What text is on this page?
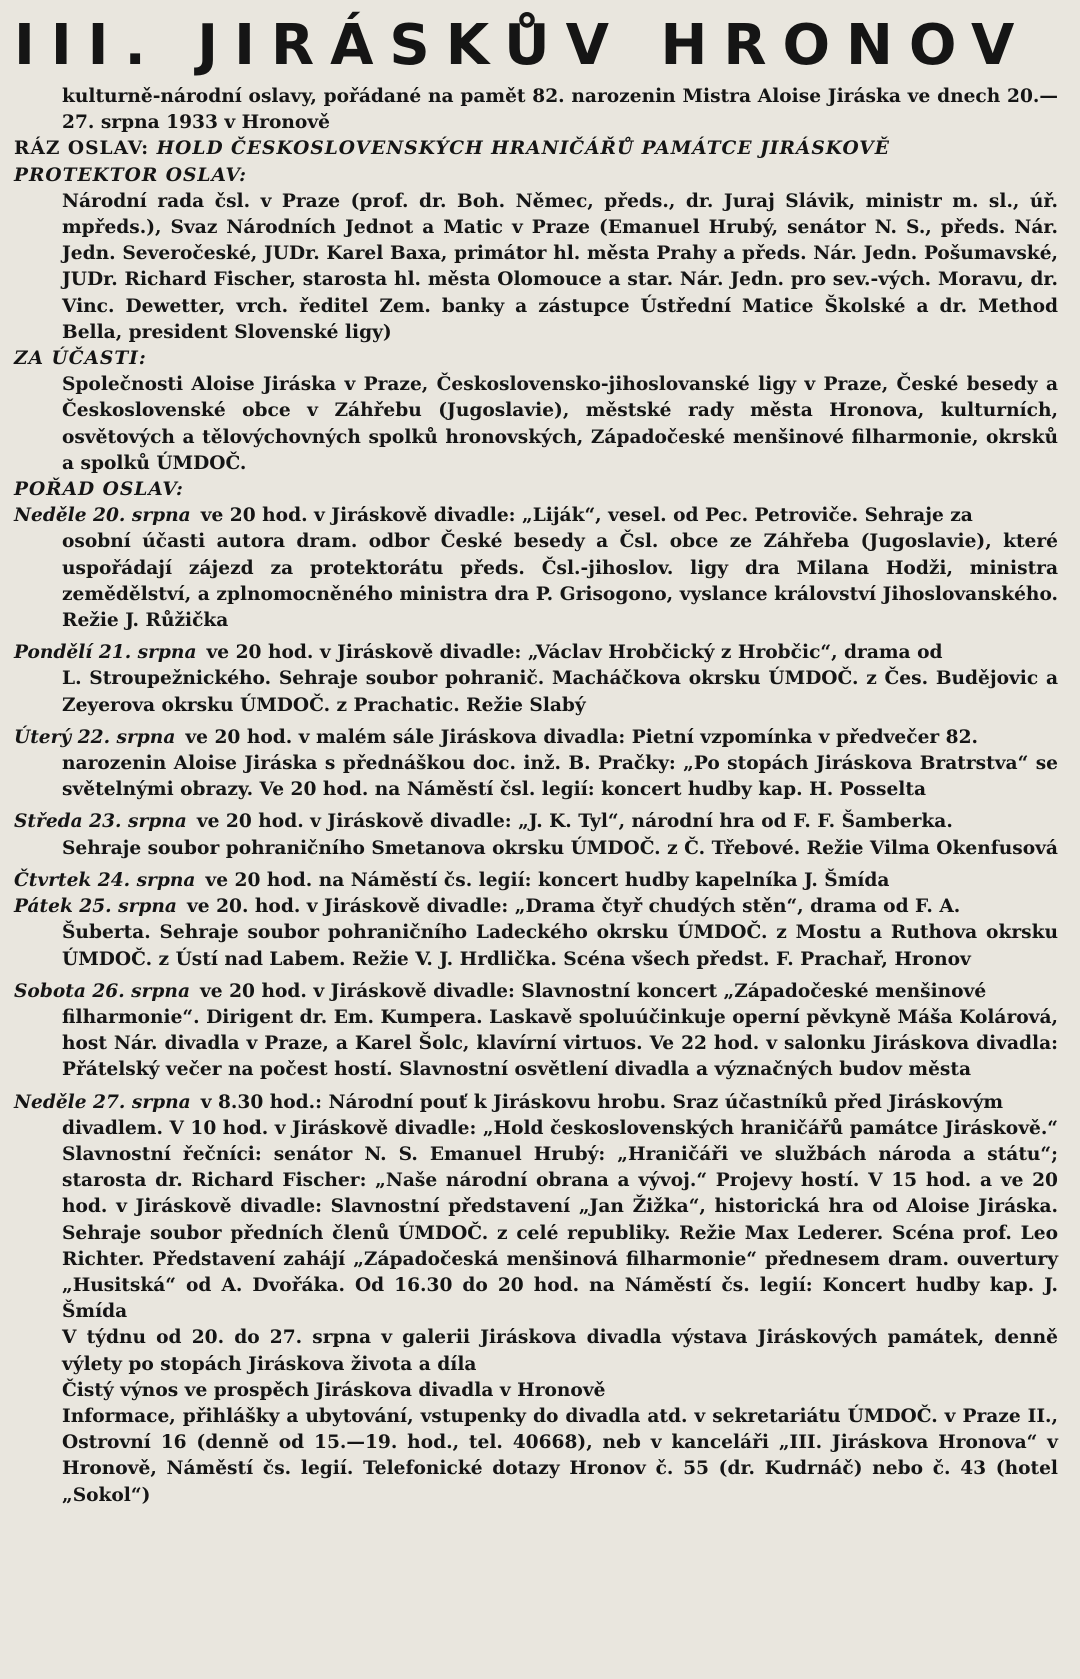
III. JIRÁSKŮV HRONOV
kulturně-národní oslavy, pořádané na pamět 82. narozenin Mistra Aloise Jiráska ve dnech 20.—27. srpna 1933 v Hronově
RÁZ OSLAV: HOLD ČESKOSLOVENSKÝCH HRANIČÁŘŮ PAMÁTCE JIRÁSKOVĚ
PROTEKTOR OSLAV:
Národní rada čsl. v Praze (prof. dr. Boh. Němec, předs., dr. Juraj Slávik, ministr m. sl., úř. mpředs.), Svaz Národních Jednot a Matic v Praze (Emanuel Hrubý, senátor N. S., předs. Nár. Jedn. Severočeské, JUDr. Karel Baxa, primátor hl. města Prahy a předs. Nár. Jedn. Pošumavské, JUDr. Richard Fischer, starosta hl. města Olomouce a star. Nár. Jedn. pro sev.-vých. Moravu, dr. Vinc. Dewetter, vrch. ředitel Zem. banky a zástupce Ústřední Matice Školské a dr. Method Bella, president Slovenské ligy)
ZA ÚČASTI:
Společnosti Aloise Jiráska v Praze, Československo-jihoslovanské ligy v Praze, České besedy a Československé obce v Záhřebu (Jugoslavie), městské rady města Hronova, kulturních, osvětových a tělovýchovných spolků hronovských, Západočeské menšinové filharmonie, okrsků a spolků ÚMDOČ.
POŘAD OSLAV:
Neděle 20. srpna ve 20 hod. v Jiráskově divadle: „Liják“, vesel. od Pec. Petroviče. Sehraje za
osobní účasti autora dram. odbor České besedy a Čsl. obce ze Záhřeba (Jugoslavie), které uspořádají zájezd za protektorátu předs. Čsl.-jihoslov. ligy dra Milana Hodži, ministra zemědělství, a zplnomocněného ministra dra P. Grisogono, vyslance království Jihoslovanského. Režie J. Růžička
Pondělí 21. srpna ve 20 hod. v Jiráskově divadle: „Václav Hrobčický z Hrobčic“, drama od
L. Stroupežnického. Sehraje soubor pohranič. Macháčkova okrsku ÚMDOČ. z Čes. Budějovic a Zeyerova okrsku ÚMDOČ. z Prachatic. Režie Slabý
Úterý 22. srpna ve 20 hod. v malém sále Jiráskova divadla: Pietní vzpomínka v předvečer 82.
narozenin Aloise Jiráska s přednáškou doc. inž. B. Pračky: „Po stopách Jiráskova Bratrstva“ se světelnými obrazy. Ve 20 hod. na Náměstí čsl. legií: koncert hudby kap. H. Posselta
Středa 23. srpna ve 20 hod. v Jiráskově divadle: „J. K. Tyl“, národní hra od F. F. Šamberka.
Sehraje soubor pohraničního Smetanova okrsku ÚMDOČ. z Č. Třebové. Režie Vilma Okenfusová
Čtvrtek 24. srpna ve 20 hod. na Náměstí čs. legií: koncert hudby kapelníka J. Šmída
Pátek 25. srpna ve 20. hod. v Jiráskově divadle: „Drama čtyř chudých stěn“, drama od F. A.
Šuberta. Sehraje soubor pohraničního Ladeckého okrsku ÚMDOČ. z Mostu a Ruthova okrsku ÚMDOČ. z Ústí nad Labem. Režie V. J. Hrdlička. Scéna všech předst. F. Prachař, Hronov
Sobota 26. srpna ve 20 hod. v Jiráskově divadle: Slavnostní koncert „Západočeské menšinové
filharmonie“. Dirigent dr. Em. Kumpera. Laskavě spoluúčinkuje operní pěvkyně Máša Kolárová, host Nár. divadla v Praze, a Karel Šolc, klavírní virtuos. Ve 22 hod. v salonku Jiráskova divadla: Přátelský večer na počest hostí. Slavnostní osvětlení divadla a význačných budov města
Neděle 27. srpna v 8.30 hod.: Národní pouť k Jiráskovu hrobu. Sraz účastníků před Jiráskovým
divadlem. V 10 hod. v Jiráskově divadle: „Hold československých hraničářů památce Jiráskově.“ Slavnostní řečníci: senátor N. S. Emanuel Hrubý: „Hraničáři ve službách národa a státu“; starosta dr. Richard Fischer: „Naše národní obrana a vývoj.“ Projevy hostí. V 15 hod. a ve 20 hod. v Jiráskově divadle: Slavnostní představení „Jan Žižka“, historická hra od Aloise Jiráska. Sehraje soubor předních členů ÚMDOČ. z celé republiky. Režie Max Lederer. Scéna prof. Leo Richter. Představení zahájí „Západočeská menšinová filharmonie“ přednesem dram. ouvertury „Husitská“ od A. Dvořáka. Od 16.30 do 20 hod. na Náměstí čs. legií: Koncert hudby kap. J. Šmída
V týdnu od 20. do 27. srpna v galerii Jiráskova divadla výstava Jiráskových památek, denně výlety po stopách Jiráskova života a díla
Čistý výnos ve prospěch Jiráskova divadla v Hronově
Informace, přihlášky a ubytování, vstupenky do divadla atd. v sekretariátu ÚMDOČ. v Praze II., Ostrovní 16 (denně od 15.—19. hod., tel. 40668), neb v kanceláři „III. Jiráskova Hronova“ v Hronově, Náměstí čs. legií. Telefonické dotazy Hronov č. 55 (dr. Kudrnáč) nebo č. 43 (hotel „Sokol“)
